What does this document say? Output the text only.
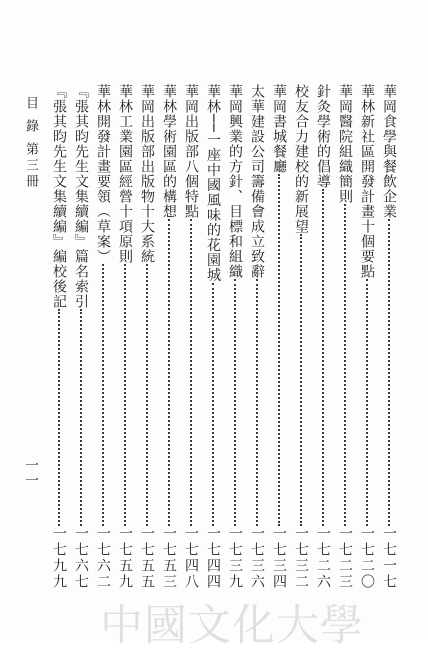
中國文化大學
目 錄 第三冊
一一
華岡食學與餐飲企業
一七一七
華林新社區開發計畫十個要點
一七二〇
華岡醫院組織簡則
一七二三
針灸學術的倡導
一七二六
校友合力建校的新展望
一七三二
華岡書城餐廳
一七三四
太華建設公司籌備會成立致辭
一七三六
華岡興業的方針、目標和組織
一七三九
華林──一座中國風味的花園城
一七四四
華岡出版部八個特點
一七四八
華林學術園區的構想
一七五三
華岡出版部出版物十大系統
一七五五
華林工業園區經營十項原則
一七五九
華林開發計畫要領（草案）
一七六二
『張其昀先生文集續編』篇名索引
一七六七
『張其昀先生文集續編』編校後記
一七九九
